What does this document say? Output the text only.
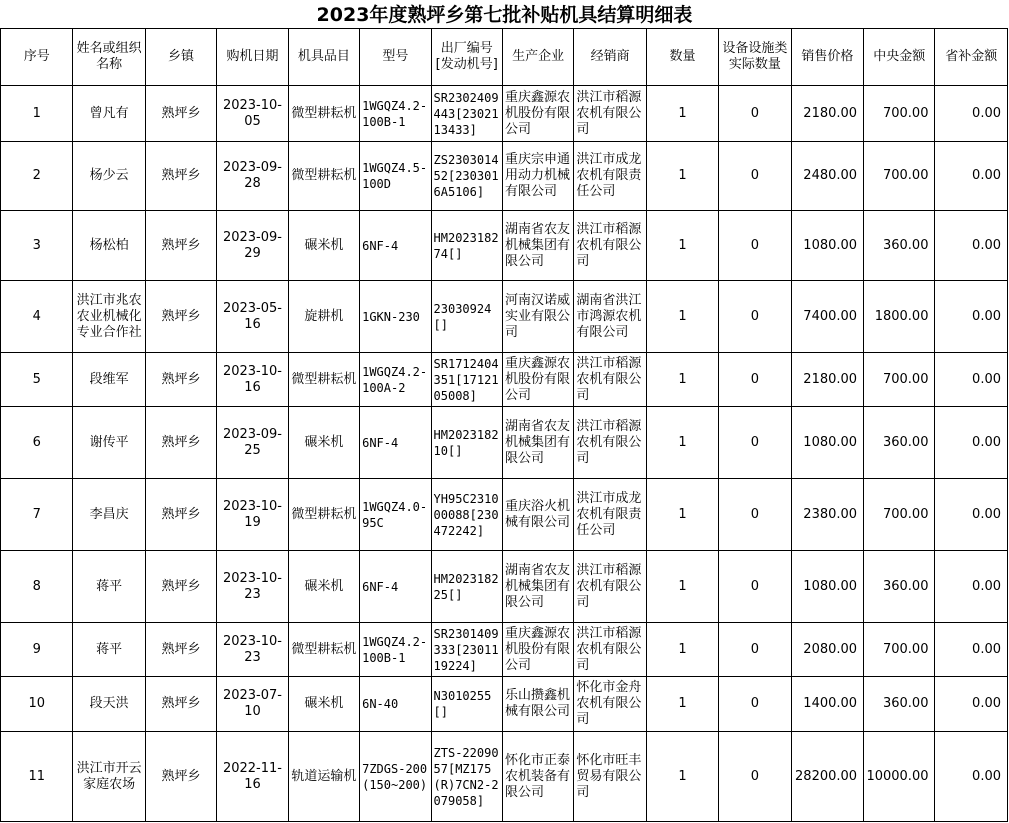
2023年度熟坪乡第七批补贴机具结算明细表
序号	姓名或组织名称	乡镇	购机日期	机具品目	型号	出厂编号[发动机号]	生产企业	经销商	数量	设备设施类实际数量	销售价格	中央金额	省补金额
1	曾凡有	熟坪乡	2023-10-05	微型耕耘机	1WGQZ4.2-100B-1	SR2302409443[2302113433]	重庆鑫源农机股份有限公司	洪江市稻源农机有限公司	1	0	2180.00	700.00	0.00
2	杨少云	熟坪乡	2023-09-28	微型耕耘机	1WGQZ4.5-100D	ZS230301452[2303016A5106]	重庆宗申通用动力机械有限公司	洪江市成龙农机有限责任公司	1	0	2480.00	700.00	0.00
3	杨松柏	熟坪乡	2023-09-29	碾米机	6NF-4	HM202318274[]	湖南省农友机械集团有限公司	洪江市稻源农机有限公司	1	0	1080.00	360.00	0.00
4	洪江市兆农农业机械化专业合作社	熟坪乡	2023-05-16	旋耕机	1GKN-230	23030924[]	河南汉诺威实业有限公司	湖南省洪江市鸿源农机有限公司	1	0	7400.00	1800.00	0.00
5	段维军	熟坪乡	2023-10-16	微型耕耘机	1WGQZ4.2-100A-2	SR1712404351[1712105008]	重庆鑫源农机股份有限公司	洪江市稻源农机有限公司	1	0	2180.00	700.00	0.00
6	谢传平	熟坪乡	2023-09-25	碾米机	6NF-4	HM202318210[]	湖南省农友机械集团有限公司	洪江市稻源农机有限公司	1	0	1080.00	360.00	0.00
7	李昌庆	熟坪乡	2023-10-19	微型耕耘机	1WGQZ4.0-95C	YH95C231000088[230472242]	重庆浴火机械有限公司	洪江市成龙农机有限责任公司	1	0	2380.00	700.00	0.00
8	蒋平	熟坪乡	2023-10-23	碾米机	6NF-4	HM202318225[]	湖南省农友机械集团有限公司	洪江市稻源农机有限公司	1	0	1080.00	360.00	0.00
9	蒋平	熟坪乡	2023-10-23	微型耕耘机	1WGQZ4.2-100B-1	SR2301409333[2301119224]	重庆鑫源农机股份有限公司	洪江市稻源农机有限公司	1	0	2080.00	700.00	0.00
10	段天洪	熟坪乡	2023-07-10	碾米机	6N-40	N3010255[]	乐山攒鑫机械有限公司	怀化市金舟农机有限公司	1	0	1400.00	360.00	0.00
11	洪江市开云家庭农场	熟坪乡	2022-11-16	轨道运输机	7ZDGS-200(150~200)	ZTS-2209057[MZ175(R)7CN2-2079058]	怀化市正泰农机装备有限公司	怀化市旺丰贸易有限公司	1	0	28200.00	10000.00	0.00
